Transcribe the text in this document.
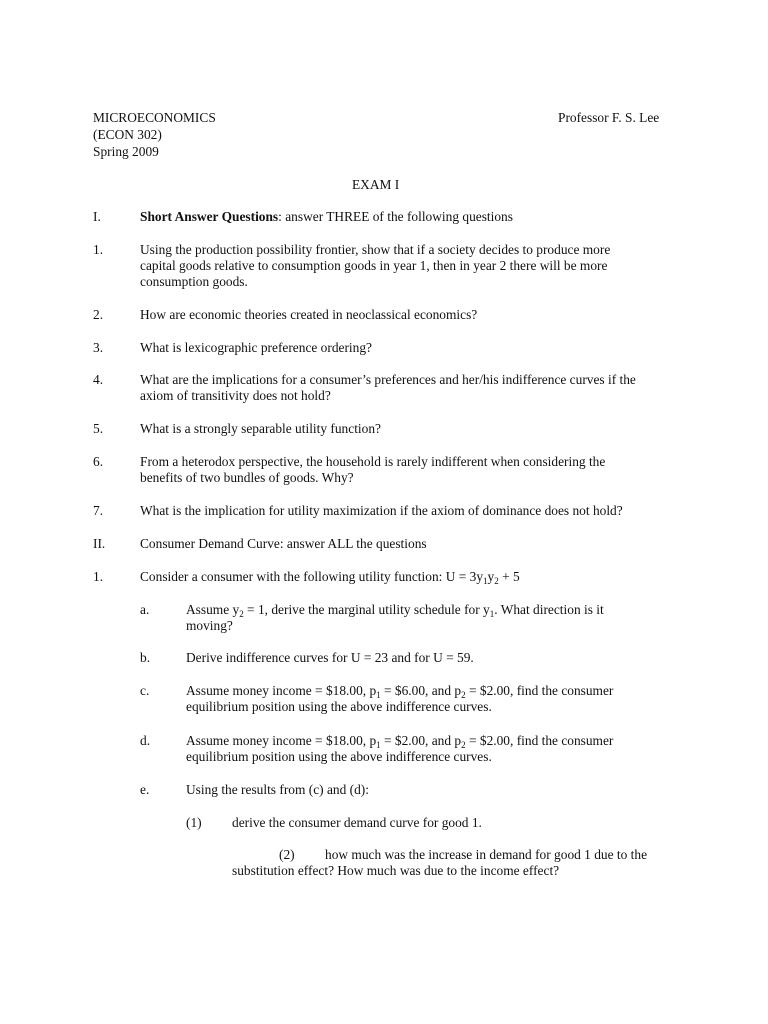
MICROECONOMICS
(ECON 302)
Spring 2009
Professor F. S. Lee
EXAM I
I.	Short Answer Questions: answer THREE of the following questions
1.	Using the production possibility frontier, show that if a society decides to produce more
capital goods relative to consumption goods in year 1, then in year 2 there will be more
consumption goods.
2.	How are economic theories created in neoclassical economics?
3.	What is lexicographic preference ordering?
4.	What are the implications for a consumer’s preferences and her/his indifference curves if the
axiom of transitivity does not hold?
5.	What is a strongly separable utility function?
6.	From a heterodox perspective, the household is rarely indifferent when considering the
benefits of two bundles of goods. Why?
7.	What is the implication for utility maximization if the axiom of dominance does not hold?
II.	Consumer Demand Curve: answer ALL the questions
1.	Consider a consumer with the following utility function: $U = 3y_1y_2 + 5$
a.	Assume $y_2 = 1$, derive the marginal utility schedule for $y_1$. What direction is it
moving?
b.	Derive indifference curves for U = 23 and for U = 59.
c.	Assume money income = $18.00, $p_1$ = $6.00, and $p_2$ = $2.00, find the consumer
equilibrium position using the above indifference curves.
d.	Assume money income = $18.00, $p_1$ = $2.00, and $p_2$ = $2.00, find the consumer
equilibrium position using the above indifference curves.
e.	Using the results from (c) and (d):
(1) derive the consumer demand curve for good 1.
(2) how much was the increase in demand for good 1 due to the
substitution effect? How much was due to the income effect?
